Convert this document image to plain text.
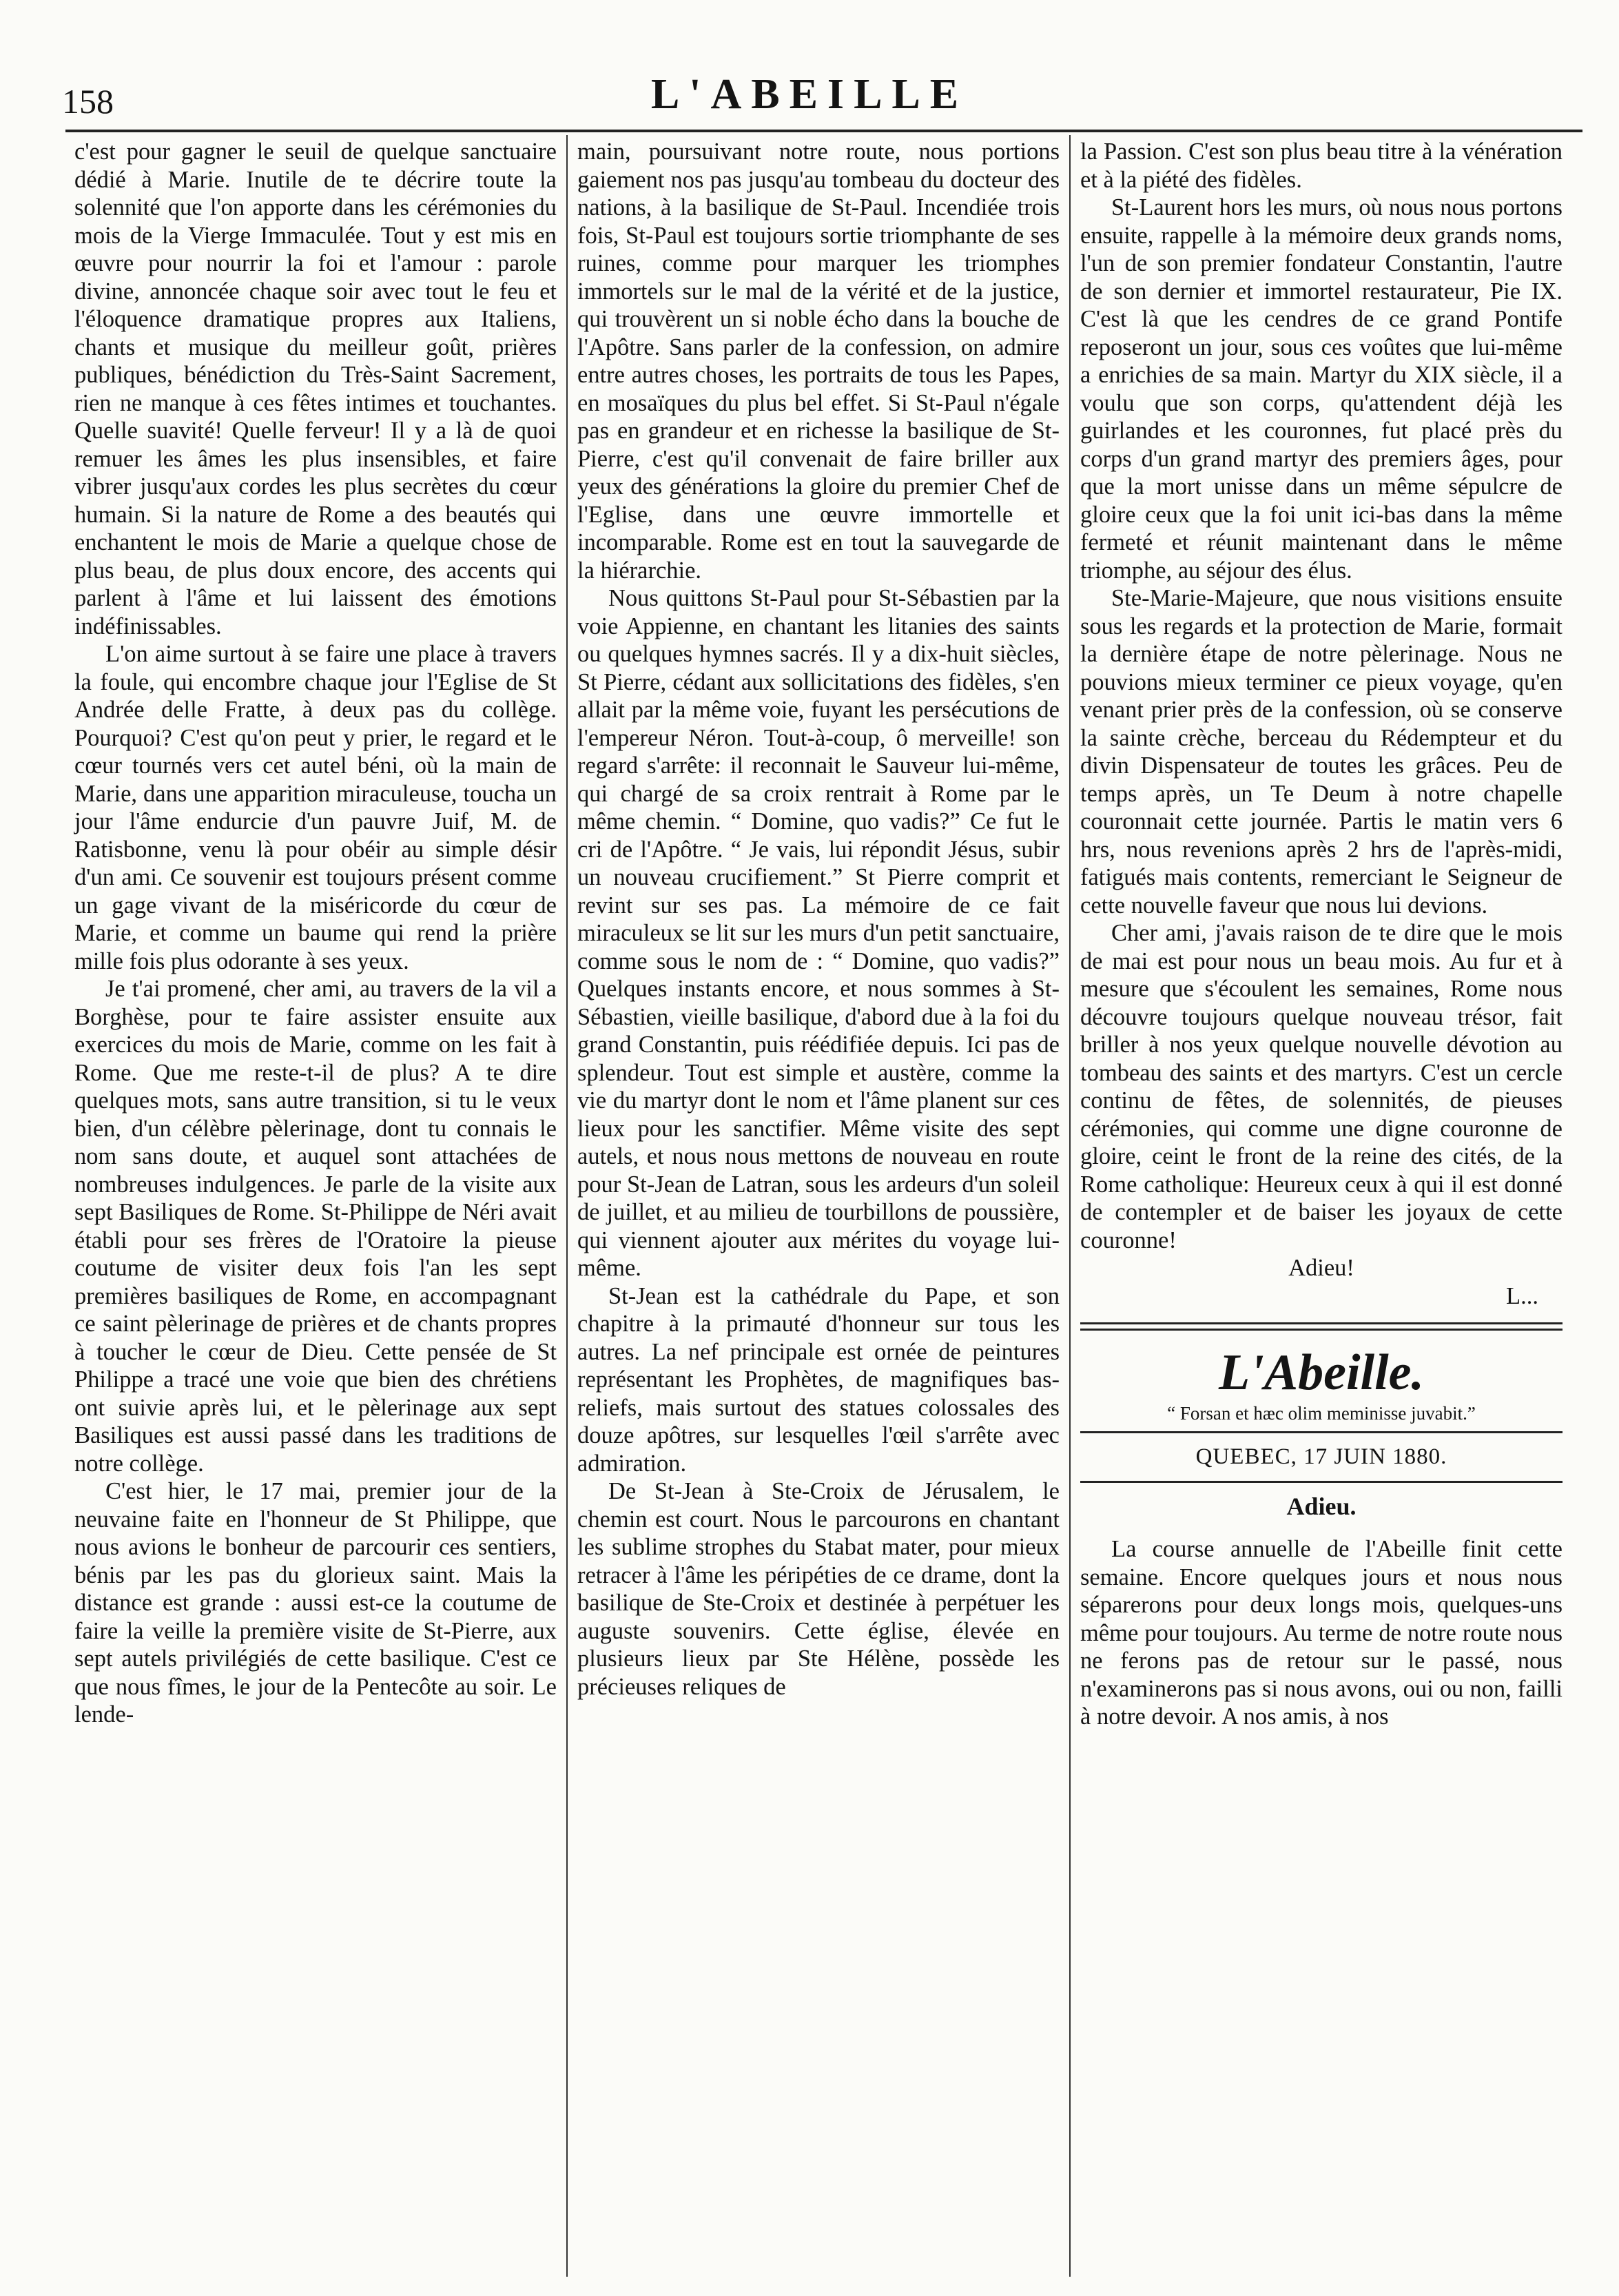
158	L'ABEILLE

c'est pour gagner le seuil de quelque sanctuaire dédié à Marie. Inutile de te décrire toute la solennité que l'on apporte dans les cérémonies du mois de la Vierge Immaculée. Tout y est mis en œuvre pour nourrir la foi et l'amour : parole divine, annoncée chaque soir avec tout le feu et l'éloquence dramatique propres aux Italiens, chants et musique du meilleur goût, prières publiques, bénédiction du Très-Saint Sacrement, rien ne manque à ces fêtes intimes et touchantes. Quelle suavité! Quelle ferveur! Il y a là de quoi remuer les âmes les plus insensibles, et faire vibrer jusqu'aux cordes les plus secrètes du cœur humain. Si la nature de Rome a des beautés qui enchantent le mois de Marie a quelque chose de plus beau, de plus doux encore, des accents qui parlent à l'âme et lui laissent des émotions indéfinissables.

L'on aime surtout à se faire une place à travers la foule, qui encombre chaque jour l'Eglise de St Andrée delle Fratte, à deux pas du collège. Pourquoi? C'est qu'on peut y prier, le regard et le cœur tournés vers cet autel béni, où la main de Marie, dans une apparition miraculeuse, toucha un jour l'âme endurcie d'un pauvre Juif, M. de Ratisbonne, venu là pour obéir au simple désir d'un ami. Ce souvenir est toujours présent comme un gage vivant de la miséricorde du cœur de Marie, et comme un baume qui rend la prière mille fois plus odorante à ses yeux.

Je t'ai promené, cher ami, au travers de la vil a Borghèse, pour te faire assister ensuite aux exercices du mois de Marie, comme on les fait à Rome. Que me reste-t-il de plus? A te dire quelques mots, sans autre transition, si tu le veux bien, d'un célèbre pèlerinage, dont tu connais le nom sans doute, et auquel sont attachées de nombreuses indulgences. Je parle de la visite aux sept Basiliques de Rome. St-Philippe de Néri avait établi pour ses frères de l'Oratoire la pieuse coutume de visiter deux fois l'an les sept premières basiliques de Rome, en accompagnant ce saint pèlerinage de prières et de chants propres à toucher le cœur de Dieu. Cette pensée de St Philippe a tracé une voie que bien des chrétiens ont suivie après lui, et le pèlerinage aux sept Basiliques est aussi passé dans les traditions de notre collège.

C'est hier, le 17 mai, premier jour de la neuvaine faite en l'honneur de St Philippe, que nous avions le bonheur de parcourir ces sentiers, bénis par les pas du glorieux saint. Mais la distance est grande : aussi est-ce la coutume de faire la veille la première visite de St-Pierre, aux sept autels privilégiés de cette basilique. C'est ce que nous fîmes, le jour de la Pentecôte au soir. Le lende-

main, poursuivant notre route, nous portions gaiement nos pas jusqu'au tombeau du docteur des nations, à la basilique de St-Paul. Incendiée trois fois, St-Paul est toujours sortie triomphante de ses ruines, comme pour marquer les triomphes immortels sur le mal de la vérité et de la justice, qui trouvèrent un si noble écho dans la bouche de l'Apôtre. Sans parler de la confession, on admire entre autres choses, les portraits de tous les Papes, en mosaïques du plus bel effet. Si St-Paul n'égale pas en grandeur et en richesse la basilique de St-Pierre, c'est qu'il convenait de faire briller aux yeux des générations la gloire du premier Chef de l'Eglise, dans une œuvre immortelle et incomparable. Rome est en tout la sauvegarde de la hiérarchie.

Nous quittons St-Paul pour St-Sébastien par la voie Appienne, en chantant les litanies des saints ou quelques hymnes sacrés. Il y a dix-huit siècles, St Pierre, cédant aux sollicitations des fidèles, s'en allait par la même voie, fuyant les persécutions de l'empereur Néron. Tout-à-coup, ô merveille! son regard s'arrête: il reconnait le Sauveur lui-même, qui chargé de sa croix rentrait à Rome par le même chemin. “ Domine, quo vadis?” Ce fut le cri de l'Apôtre. “ Je vais, lui répondit Jésus, subir un nouveau crucifiement.” St Pierre comprit et revint sur ses pas. La mémoire de ce fait miraculeux se lit sur les murs d'un petit sanctuaire, comme sous le nom de : “ Domine, quo vadis?” Quelques instants encore, et nous sommes à St-Sébastien, vieille basilique, d'abord due à la foi du grand Constantin, puis réédifiée depuis. Ici pas de splendeur. Tout est simple et austère, comme la vie du martyr dont le nom et l'âme planent sur ces lieux pour les sanctifier. Même visite des sept autels, et nous nous mettons de nouveau en route pour St-Jean de Latran, sous les ardeurs d'un soleil de juillet, et au milieu de tourbillons de poussière, qui viennent ajouter aux mérites du voyage lui-même.

St-Jean est la cathédrale du Pape, et son chapitre à la primauté d'honneur sur tous les autres. La nef principale est ornée de peintures représentant les Prophètes, de magnifiques bas-reliefs, mais surtout des statues colossales des douze apôtres, sur lesquelles l'œil s'arrête avec admiration.

De St-Jean à Ste-Croix de Jérusalem, le chemin est court. Nous le parcourons en chantant les sublime strophes du Stabat mater, pour mieux retracer à l'âme les péripéties de ce drame, dont la basilique de Ste-Croix et destinée à perpétuer les auguste souvenirs. Cette église, élevée en plusieurs lieux par Ste Hélène, possède les précieuses reliques de

la Passion. C'est son plus beau titre à la vénération et à la piété des fidèles.

St-Laurent hors les murs, où nous nous portons ensuite, rappelle à la mémoire deux grands noms, l'un de son premier fondateur Constantin, l'autre de son dernier et immortel restaurateur, Pie IX. C'est là que les cendres de ce grand Pontife reposeront un jour, sous ces voûtes que lui-même a enrichies de sa main. Martyr du XIX siècle, il a voulu que son corps, qu'attendent déjà les guirlandes et les couronnes, fut placé près du corps d'un grand martyr des premiers âges, pour que la mort unisse dans un même sépulcre de gloire ceux que la foi unit ici-bas dans la même fermeté et réunit maintenant dans le même triomphe, au séjour des élus.

Ste-Marie-Majeure, que nous visitions ensuite sous les regards et la protection de Marie, formait la dernière étape de notre pèlerinage. Nous ne pouvions mieux terminer ce pieux voyage, qu'en venant prier près de la confession, où se conserve la sainte crèche, berceau du Rédempteur et du divin Dispensateur de toutes les grâces. Peu de temps après, un Te Deum à notre chapelle couronnait cette journée. Partis le matin vers 6 hrs, nous revenions après 2 hrs de l'après-midi, fatigués mais contents, remerciant le Seigneur de cette nouvelle faveur que nous lui devions.

Cher ami, j'avais raison de te dire que le mois de mai est pour nous un beau mois. Au fur et à mesure que s'écoulent les semaines, Rome nous découvre toujours quelque nouveau trésor, fait briller à nos yeux quelque nouvelle dévotion au tombeau des saints et des martyrs. C'est un cercle continu de fêtes, de solennités, de pieuses cérémonies, qui comme une digne couronne de gloire, ceint le front de la reine des cités, de la Rome catholique: Heureux ceux à qui il est donné de contempler et de baiser les joyaux de cette couronne!

Adieu!

L...

L'Abeille.
“ Forsan et hæc olim meminisse juvabit.”
QUEBEC, 17 JUIN 1880.
Adieu.

La course annuelle de l'Abeille finit cette semaine. Encore quelques jours et nous nous séparerons pour deux longs mois, quelques-uns même pour toujours. Au terme de notre route nous ne ferons pas de retour sur le passé, nous n'examinerons pas si nous avons, oui ou non, failli à notre devoir. A nos amis, à nos
